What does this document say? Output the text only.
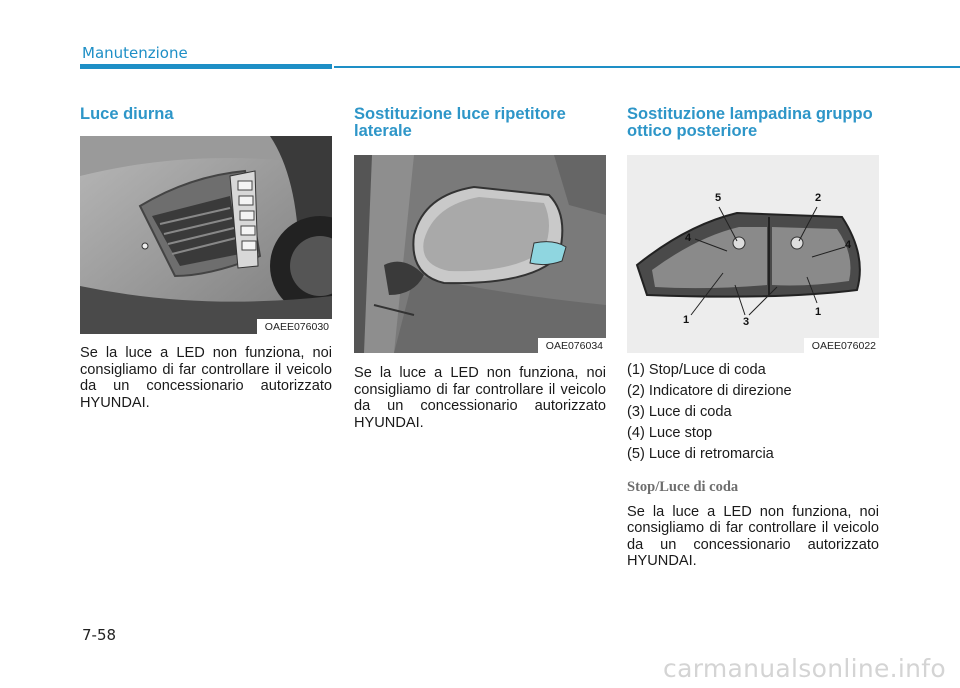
Manutenzione
Luce diurna
OAEE076030

Se la luce a LED non funziona, noi consigliamo di far controllare il veicolo da un concessionario autorizzato HYUNDAI.

Sostituzione luce ripetitore laterale
OAE076034

Se la luce a LED non funziona, noi consigliamo di far controllare il veicolo da un concessionario autorizzato HYUNDAI.

Sostituzione lampadina gruppo ottico posteriore
5	2
4
4
1	3
1
OAEE076022
(1) Stop/Luce di coda
(2) Indicatore di direzione
(3) Luce di coda
(4) Luce stop
(5) Luce di retromarcia
Stop/Luce di coda

Se la luce a LED non funziona, noi consigliamo di far controllare il veicolo da un concessionario autorizzato HYUNDAI.

7-58
carmanualsonline.info
